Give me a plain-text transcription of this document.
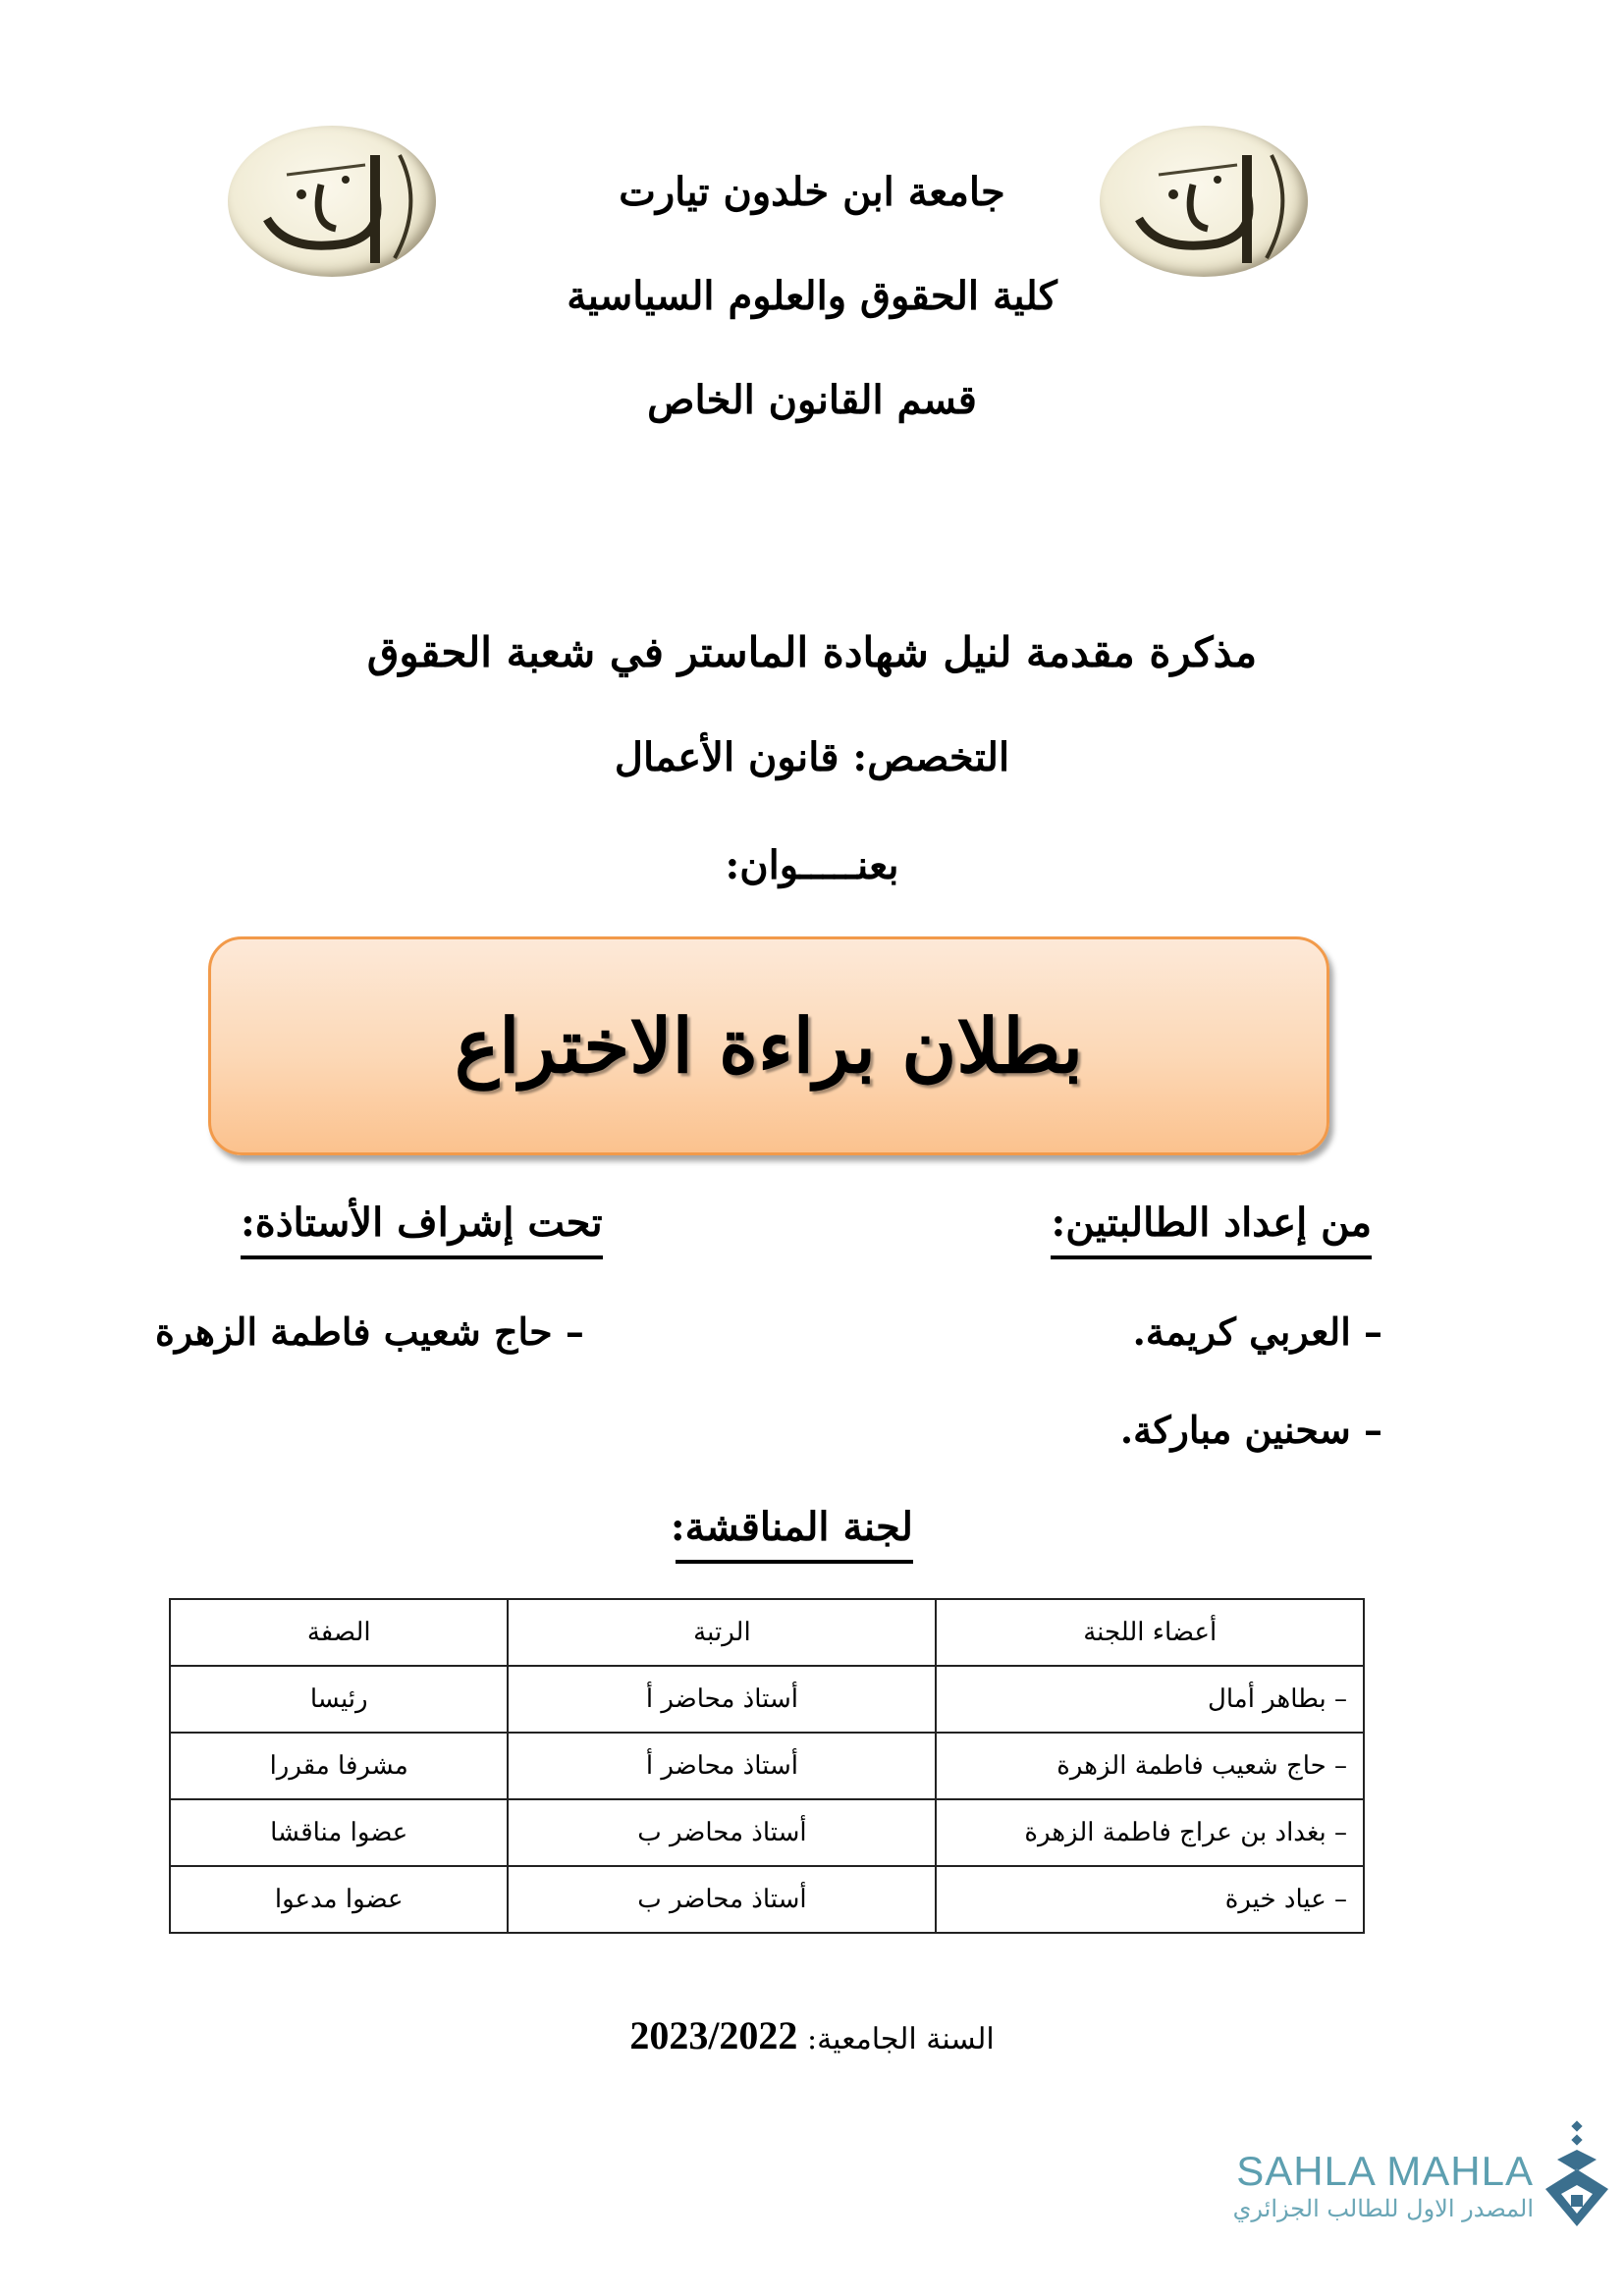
جامعة ابن خلدون تيارت
كلية الحقوق والعلوم السياسية
قسم القانون الخاص
مذكرة مقدمة لنيل شهادة الماستر في شعبة الحقوق
التخصص: قانون الأعمال
بعنـــــوان:
بطلان براءة الاختراع
من إعداد الطالبتين:
تحت إشراف الأستاذة:
– العربي كريمة.
– سحنين مباركة.
– حاج شعيب فاطمة الزهرة
لجنة المناقشة:
أعضاء اللجنة	الرتبة	الصفة
– بطاهر أمال	أستاذ محاضر أ	رئيسا
– حاج شعيب فاطمة الزهرة	أستاذ محاضر أ	مشرفا مقررا
– بغداد بن عراج فاطمة الزهرة	أستاذ محاضر ب	عضوا مناقشا
– عياد خيرة	أستاذ محاضر ب	عضوا مدعوا
السنة الجامعية: 2023/2022
SAHLA MAHLA
المصدر الاول للطالب الجزائري
